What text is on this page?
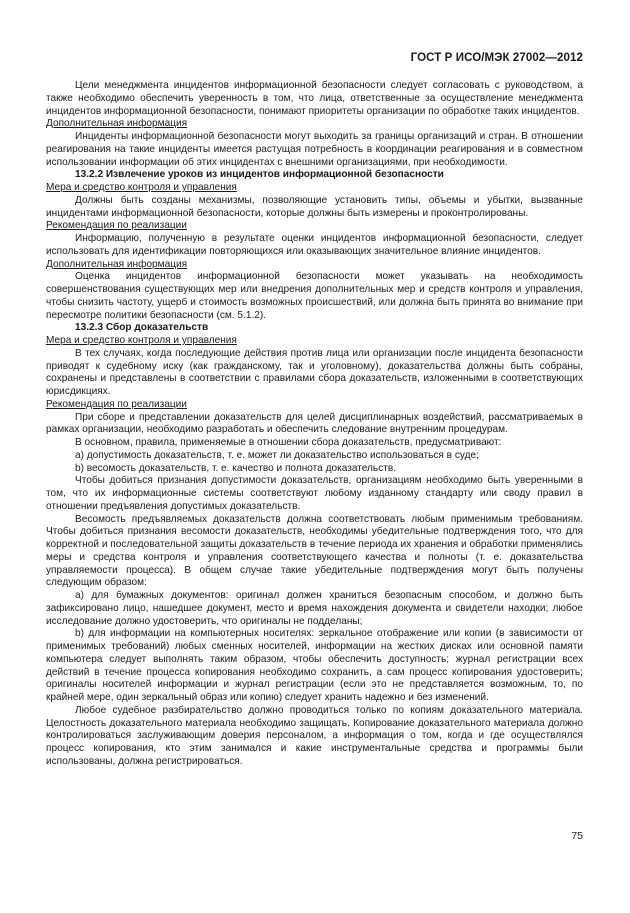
ГОСТ Р ИСО/МЭК 27002—2012

Цели менеджмента инцидентов информационной безопасности следует согласовать с руководством, а также необходимо обеспечить уверенность в том, что лица, ответственные за осуществление менеджмента инцидентов информационной безопасности, понимают приоритеты организации по обработке таких инцидентов.

Дополнительная информация

Инциденты информационной безопасности могут выходить за границы организаций и стран. В отношении реагирования на такие инциденты имеется растущая потребность в координации реагирования и в совместном использовании информации об этих инцидентах с внешними организациями, при необходимости.

13.2.2 Извлечение уроков из инцидентов информационной безопасности

Мера и средство контроля и управления

Должны быть созданы механизмы, позволяющие установить типы, объемы и убытки, вызванные инцидентами информационной безопасности, которые должны быть измерены и проконтролированы.

Рекомендация по реализации

Информацию, полученную в результате оценки инцидентов информационной безопасности, следует использовать для идентификации повторяющихся или оказывающих значительное влияние инцидентов.

Дополнительная информация

Оценка инцидентов информационной безопасности может указывать на необходимость совершенствования существующих мер или внедрения дополнительных мер и средств контроля и управления, чтобы снизить частоту, ущерб и стоимость возможных происшествий, или должна быть принята во внимание при пересмотре политики безопасности (см. 5.1.2).

13.2.3 Сбор доказательств

Мера и средство контроля и управления

В тех случаях, когда последующие действия против лица или организации после инцидента безопасности приводят к судебному иску (как гражданскому, так и уголовному), доказательства должны быть собраны, сохранены и представлены в соответствии с правилами сбора доказательств, изложенными в соответствующих юрисдикциях.

Рекомендация по реализации

При сборе и представлении доказательств для целей дисциплинарных воздействий, рассматриваемых в рамках организации, необходимо разработать и обеспечить следование внутренним процедурам.

В основном, правила, применяемые в отношении сбора доказательств, предусматривают:

a) допустимость доказательств, т. е. может ли доказательство использоваться в суде;

b) весомость доказательств, т. е. качество и полнота доказательств.

Чтобы добиться признания допустимости доказательств, организациям необходимо быть уверенными в том, что их информационные системы соответствуют любому изданному стандарту или своду правил в отношении предъявления допустимых доказательств.

Весомость предъявляемых доказательств должна соответствовать любым применимым требованиям. Чтобы добиться признания весомости доказательств, необходимы убедительные подтверждения того, что для корректной и последовательной защиты доказательств в течение периода их хранения и обработки применялись меры и средства контроля и управления соответствующего качества и полноты (т. е. доказательства управляемости процесса). В общем случае такие убедительные подтверждения могут быть получены следующим образом:

a) для бумажных документов: оригинал должен храниться безопасным способом, и должно быть зафиксировано лицо, нашедшее документ, место и время нахождения документа и свидетели находки; любое исследование должно удостоверить, что оригиналы не подделаны;

b) для информации на компьютерных носителях: зеркальное отображение или копии (в зависимости от применимых требований) любых сменных носителей, информации на жестких дисках или основной памяти компьютера следует выполнять таким образом, чтобы обеспечить доступность; журнал регистрации всех действий в течение процесса копирования необходимо сохранить, а сам процесс копирования удостоверить; оригиналы носителей информации и журнал регистрации (если это не представляется возможным, то, по крайней мере, один зеркальный образ или копию) следует хранить надежно и без изменений.

Любое судебное разбирательство должно проводиться только по копиям доказательного материала. Целостность доказательного материала необходимо защищать. Копирование доказательного материала должно контролироваться заслуживающим доверия персоналом, а информация о том, когда и где осуществлялся процесс копирования, кто этим занимался и какие инструментальные средства и программы были использованы, должна регистрироваться.

75
